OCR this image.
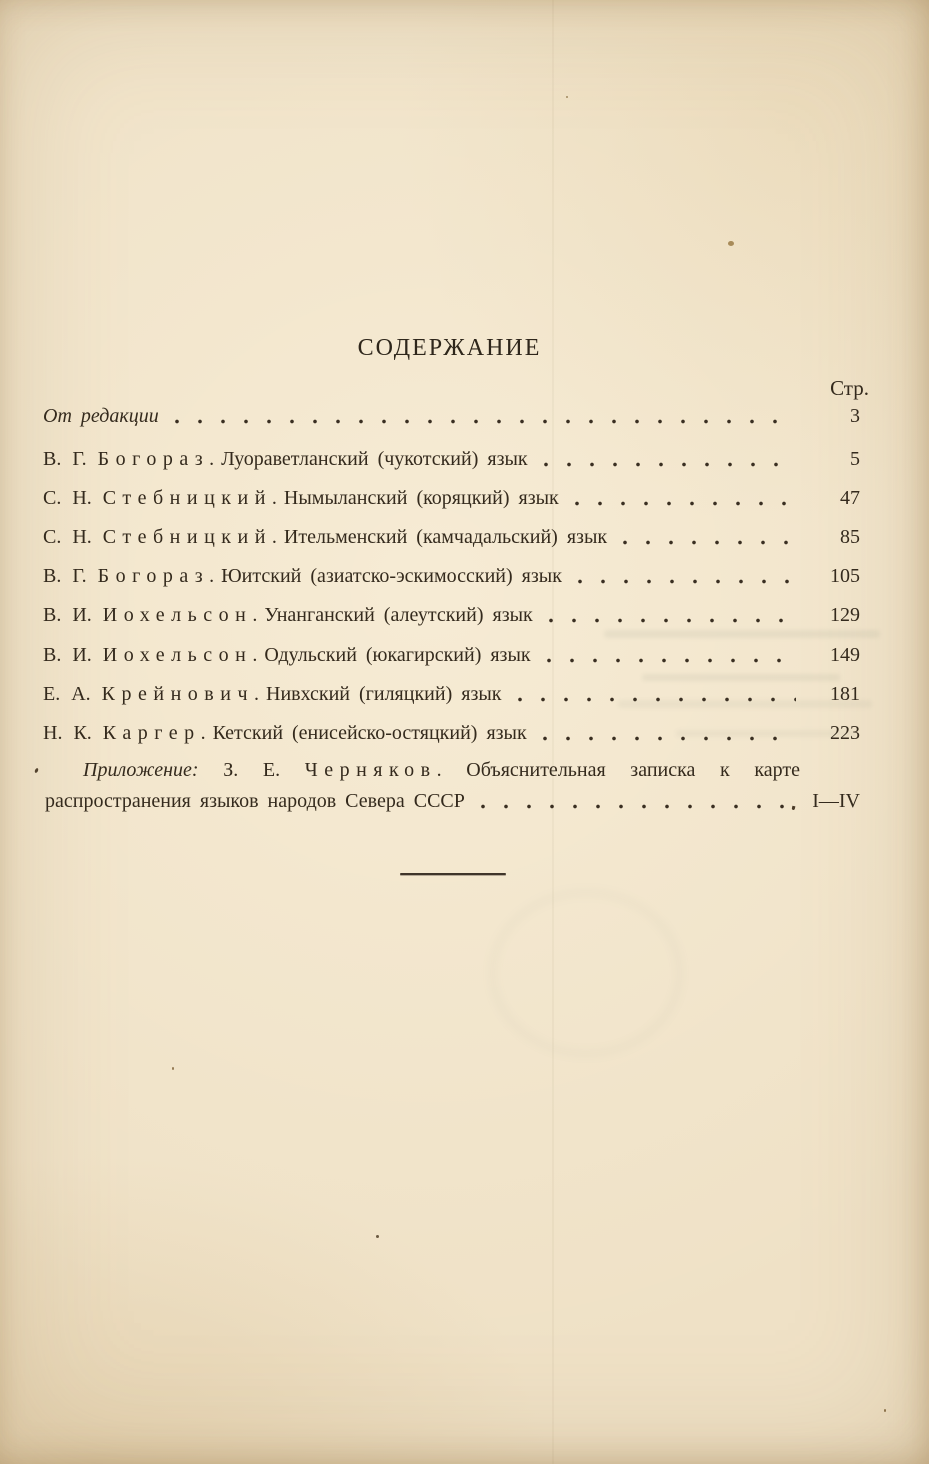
СОДЕРЖАНИЕ
Стр.
От редакции	3
В. Г. Богораз. Луораветланский (чукотский) язык	5
С. Н. Стебницкий. Нымыланский (коряцкий) язык	47
С. Н. Стебницкий. Ительменский (камчадальский) язык	85
В. Г. Богораз. Юитский (азиатско-эскимосский) язык	105
В. И. Иохельсон. Унанганский (алеутский) язык	129
В. И. Иохельсон. Одульский (юкагирский) язык	149
Е. А. Крейнович. Нивхский (гиляцкий) язык	181
Н. К. Каргер. Кетский (енисейско-остяцкий) язык	223
Приложение: З. Е. Черняков. Объяснительная записка к карте
распространения языков народов Севера СССР	I—IV
